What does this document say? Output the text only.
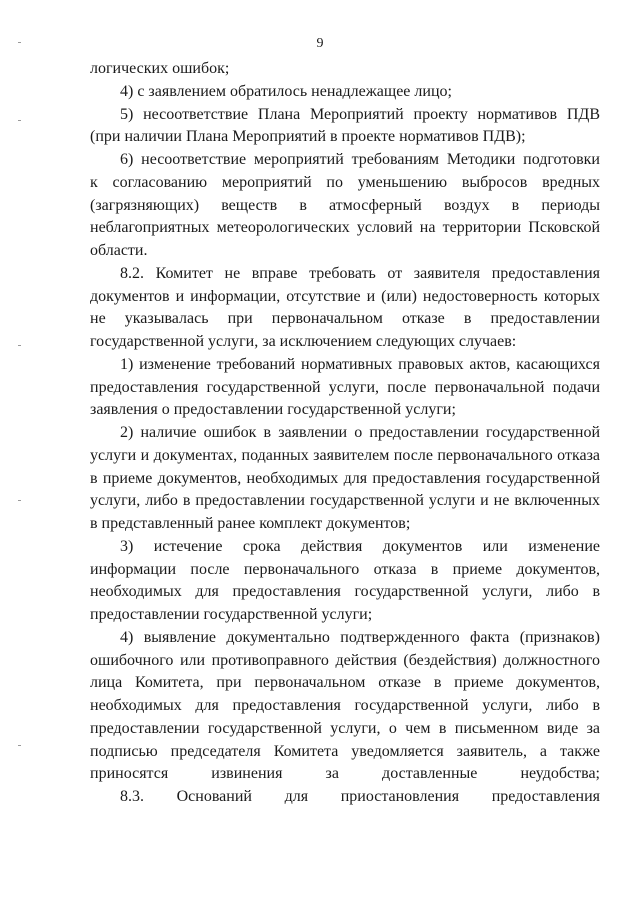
9
логических ошибок;
4) с заявлением обратилось ненадлежащее лицо;
5) несоответствие Плана Мероприятий проекту нормативов ПДВ
(при наличии Плана Мероприятий в проекте нормативов ПДВ);
6) несоответствие мероприятий требованиям Методики подготовки
к согласованию мероприятий по уменьшению выбросов вредных
(загрязняющих) веществ в атмосферный воздух в периоды
неблагоприятных метеорологических условий на территории Псковской
области.
8.2. Комитет не вправе требовать от заявителя предоставления
документов и информации, отсутствие и (или) недостоверность которых
не указывалась при первоначальном отказе в предоставлении
государственной услуги, за исключением следующих случаев:
1) изменение требований нормативных правовых актов, касающихся
предоставления государственной услуги, после первоначальной подачи
заявления о предоставлении государственной услуги;
2) наличие ошибок в заявлении о предоставлении государственной
услуги и документах, поданных заявителем после первоначального отказа
в приеме документов, необходимых для предоставления государственной
услуги, либо в предоставлении государственной услуги и не включенных
в представленный ранее комплект документов;
3) истечение срока действия документов или изменение
информации после первоначального отказа в приеме документов,
необходимых для предоставления государственной услуги, либо в
предоставлении государственной услуги;
4) выявление документально подтвержденного факта (признаков)
ошибочного или противоправного действия (бездействия) должностного
лица Комитета, при первоначальном отказе в приеме документов,
необходимых для предоставления государственной услуги, либо в
предоставлении государственной услуги, о чем в письменном виде за
подписью председателя Комитета уведомляется заявитель, а также
приносятся извинения за доставленные неудобства;
8.3. Оснований для приостановления предоставления
